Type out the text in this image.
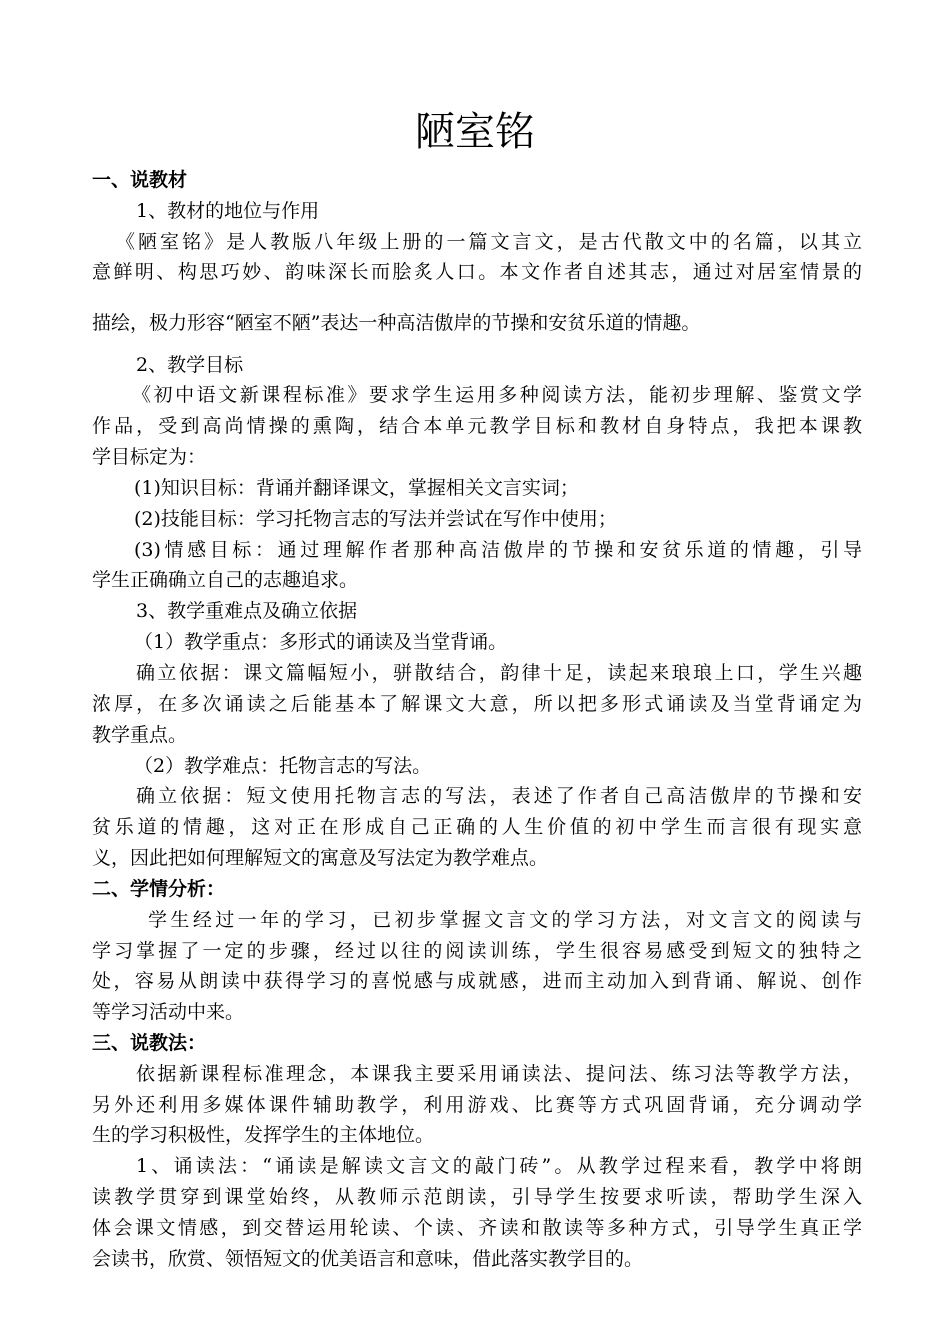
陋室铭
一、说教材
1、教材的地位与作用
《陋室铭》是人教版八年级上册的一篇文言文，是古代散文中的名篇，以其立
意鲜明、构思巧妙、韵味深长而脍炙人口。本文作者自述其志，通过对居室情景的
描绘，极力形容“陋室不陋”表达一种高洁傲岸的节操和安贫乐道的情趣。
2、教学目标
《初中语文新课程标准》要求学生运用多种阅读方法，能初步理解、鉴赏文学
作品，受到高尚情操的熏陶，结合本单元教学目标和教材自身特点，我把本课教
学目标定为：
(1)知识目标：背诵并翻译课文，掌握相关文言实词；
(2)技能目标：学习托物言志的写法并尝试在写作中使用；
(3)情感目标：通过理解作者那种高洁傲岸的节操和安贫乐道的情趣，引导
学生正确确立自己的志趣追求。
3、教学重难点及确立依据
（1）教学重点：多形式的诵读及当堂背诵。
确立依据：课文篇幅短小，骈散结合，韵律十足，读起来琅琅上口，学生兴趣
浓厚，在多次诵读之后能基本了解课文大意，所以把多形式诵读及当堂背诵定为
教学重点。
（2）教学难点：托物言志的写法。
确立依据：短文使用托物言志的写法，表述了作者自己高洁傲岸的节操和安
贫乐道的情趣，这对正在形成自己正确的人生价值的初中学生而言很有现实意
义，因此把如何理解短文的寓意及写法定为教学难点。
二、学情分析：
学生经过一年的学习，已初步掌握文言文的学习方法，对文言文的阅读与
学习掌握了一定的步骤，经过以往的阅读训练，学生很容易感受到短文的独特之
处，容易从朗读中获得学习的喜悦感与成就感，进而主动加入到背诵、解说、创作
等学习活动中来。
三、说教法：
依据新课程标准理念，本课我主要采用诵读法、提问法、练习法等教学方法，
另外还利用多媒体课件辅助教学，利用游戏、比赛等方式巩固背诵，充分调动学
生的学习积极性，发挥学生的主体地位。
1、诵读法：“诵读是解读文言文的敲门砖”。从教学过程来看，教学中将朗
读教学贯穿到课堂始终，从教师示范朗读，引导学生按要求听读，帮助学生深入
体会课文情感，到交替运用轮读、个读、齐读和散读等多种方式，引导学生真正学
会读书，欣赏、领悟短文的优美语言和意味，借此落实教学目的。
